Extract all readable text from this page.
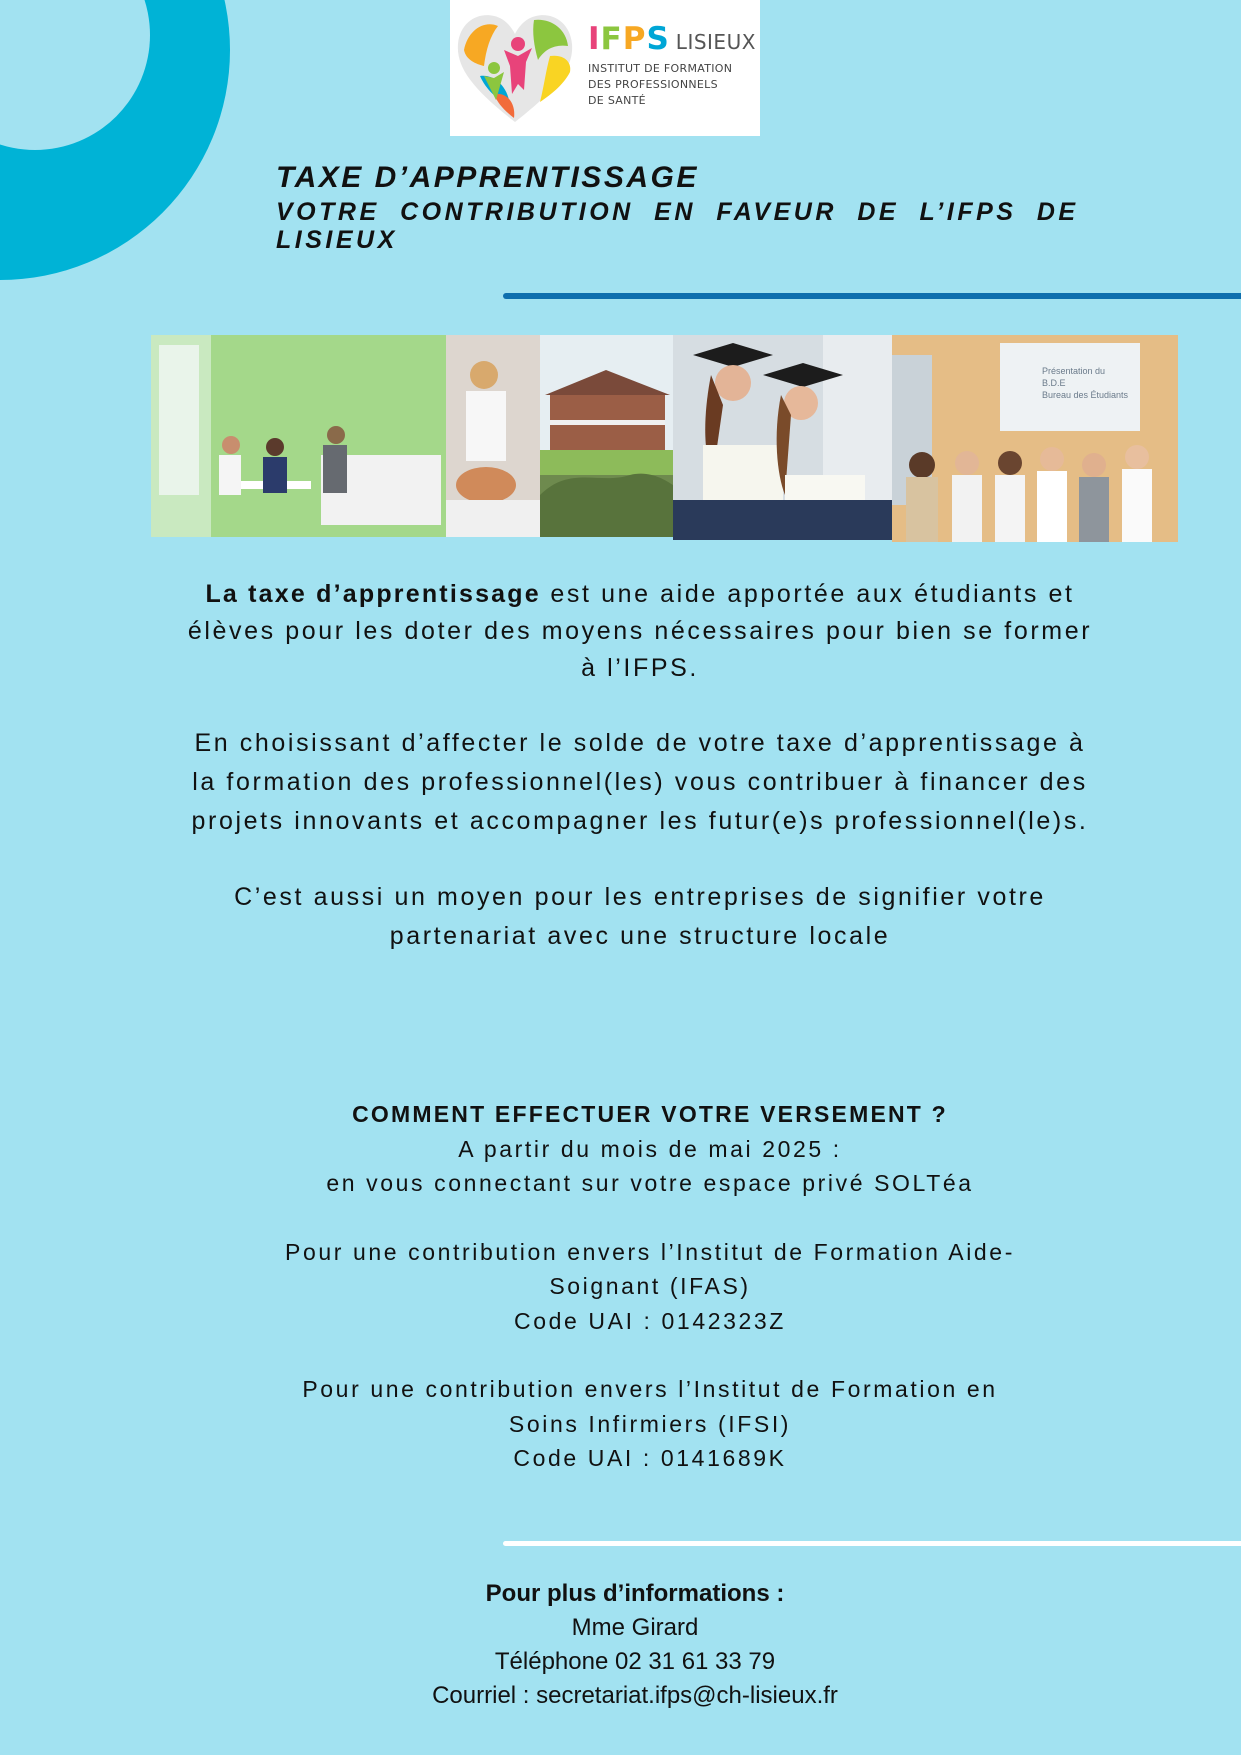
I F P S LISIEUX
INSTITUT DE FORMATION
DES PROFESSIONNELS
DE SANTÉ
TAXE D’APPRENTISSAGE
VOTRE CONTRIBUTION EN FAVEUR DE L’IFPS DE LISIEUX
Présentation du
B.D.E
Bureau des Étudiants

La taxe d’apprentissage est une aide apportée aux étudiants et élèves pour les doter des moyens nécessaires pour bien se former à l’IFPS.

En choisissant d’affecter le solde de votre taxe d’apprentissage à la formation des professionnel(les) vous contribuer à financer des projets innovants et accompagner les futur(e)s professionnel(le)s.

C’est aussi un moyen pour les entreprises de signifier votre partenariat avec une structure locale

COMMENT EFFECTUER VOTRE VERSEMENT ?
A partir du mois de mai 2025 :
en vous connectant sur votre espace privé SOLTéa
Pour une contribution envers l’Institut de Formation Aide-
Soignant (IFAS)
Code UAI : 0142323Z
Pour une contribution envers l’Institut de Formation en
Soins Infirmiers (IFSI)
Code UAI : 0141689K
Pour plus d’informations :
Mme Girard
Téléphone 02 31 61 33 79
Courriel : secretariat.ifps@ch-lisieux.fr
